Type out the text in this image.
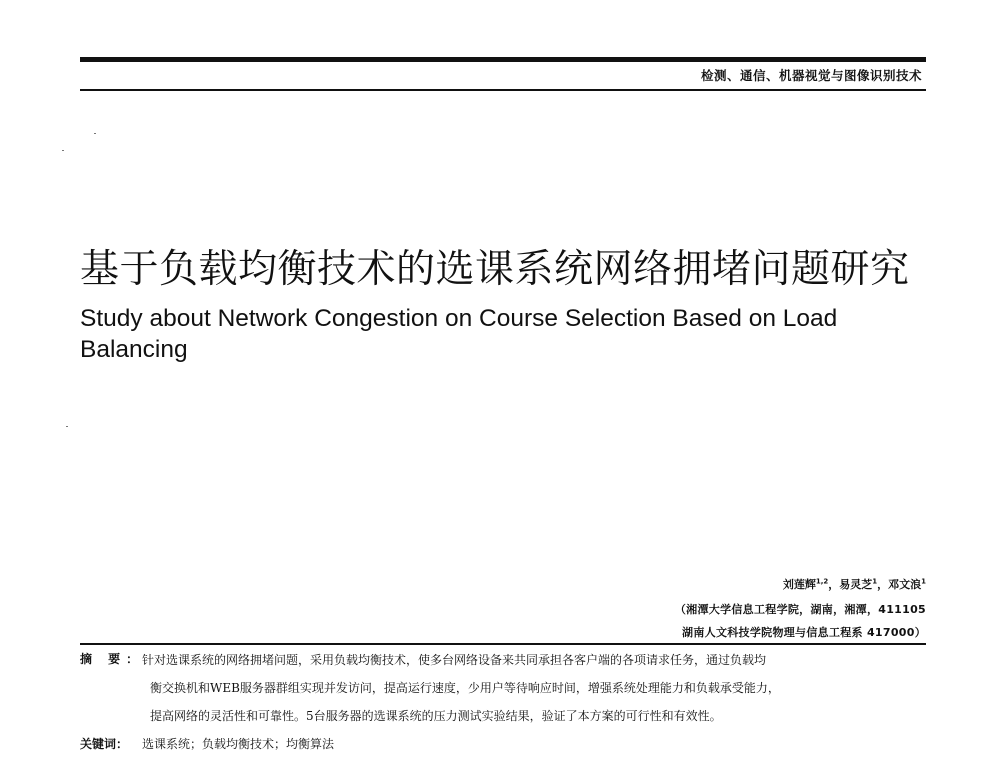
检测、通信、机器视觉与图像识别技术
基于负载均衡技术的选课系统网络拥堵问题研究
Study about Network Congestion on Course Selection Based on Load Balancing
刘莲辉$^{1,2}$，易灵芝$^1$，邓文浪$^1$
（湘潭大学信息工程学院，湖南，湘潭，411105
湖南人文科技学院物理与信息工程系 417000）
摘 要：
针对选课系统的网络拥堵问题，采用负载均衡技术，使多台网络设备来共同承担各客户端的各项请求任务，通过负载均
衡交换机和WEB服务器群组实现并发访问，提高运行速度，少用户等待响应时间，增强系统处理能力和负载承受能力，
提高网络的灵活性和可靠性。5台服务器的选课系统的压力测试实验结果，验证了本方案的可行性和有效性。
关键词： 选课系统；负载均衡技术；均衡算法
